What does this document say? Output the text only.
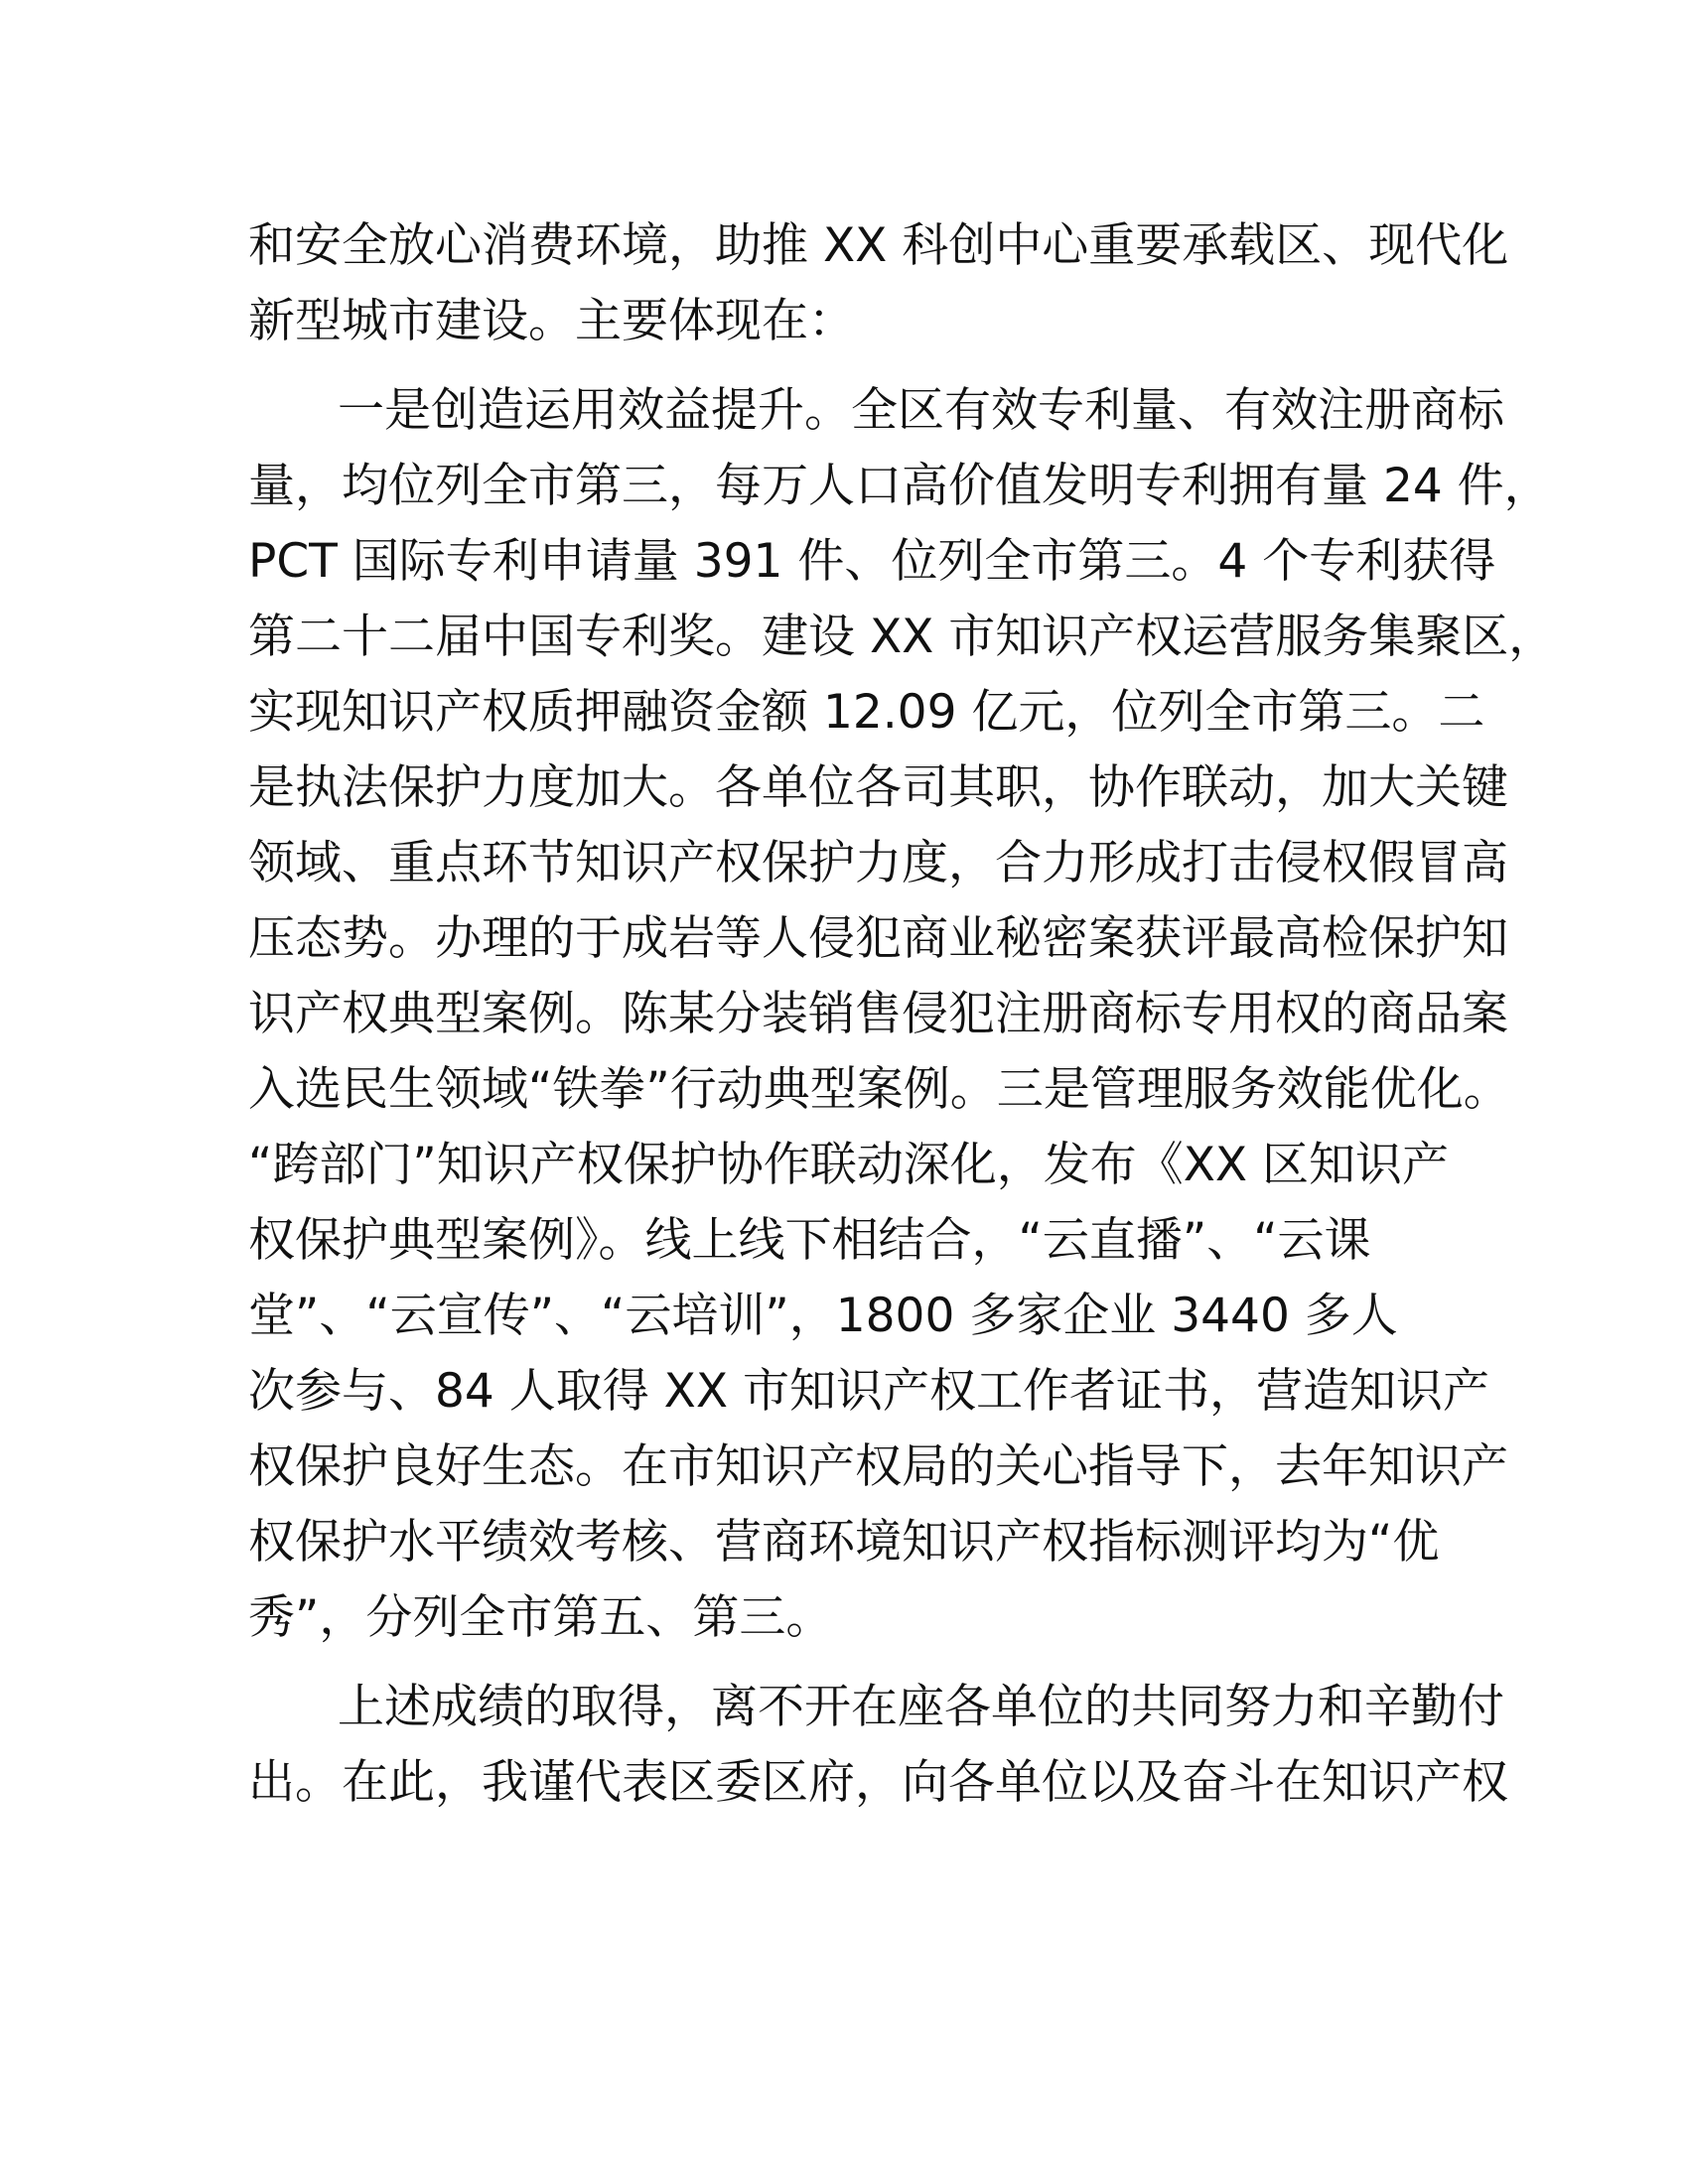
和安全放心消费环境，助推 XX 科创中心重要承载区、现代化
新型城市建设。主要体现在：

一是创造运用效益提升。全区有效专利量、有效注册商标
量，均位列全市第三，每万人口高价值发明专利拥有量 24 件，
PCT 国际专利申请量 391 件、位列全市第三。4 个专利获得
第二十二届中国专利奖。建设 XX 市知识产权运营服务集聚区，
实现知识产权质押融资金额 12.09 亿元，位列全市第三。二
是执法保护力度加大。各单位各司其职，协作联动，加大关键
领域、重点环节知识产权保护力度，合力形成打击侵权假冒高
压态势。办理的于成岩等人侵犯商业秘密案获评最高检保护知
识产权典型案例。陈某分装销售侵犯注册商标专用权的商品案
入选民生领域“铁拳”行动典型案例。三是管理服务效能优化。
“跨部门”知识产权保护协作联动深化，发布《XX 区知识产
权保护典型案例》。线上线下相结合，“云直播”、“云课
堂”、“云宣传”、“云培训”，1800 多家企业 3440 多人
次参与、84 人取得 XX 市知识产权工作者证书，营造知识产
权保护良好生态。在市知识产权局的关心指导下，去年知识产
权保护水平绩效考核、营商环境知识产权指标测评均为“优
秀”，分列全市第五、第三。

上述成绩的取得，离不开在座各单位的共同努力和辛勤付
出。在此，我谨代表区委区府，向各单位以及奋斗在知识产权
